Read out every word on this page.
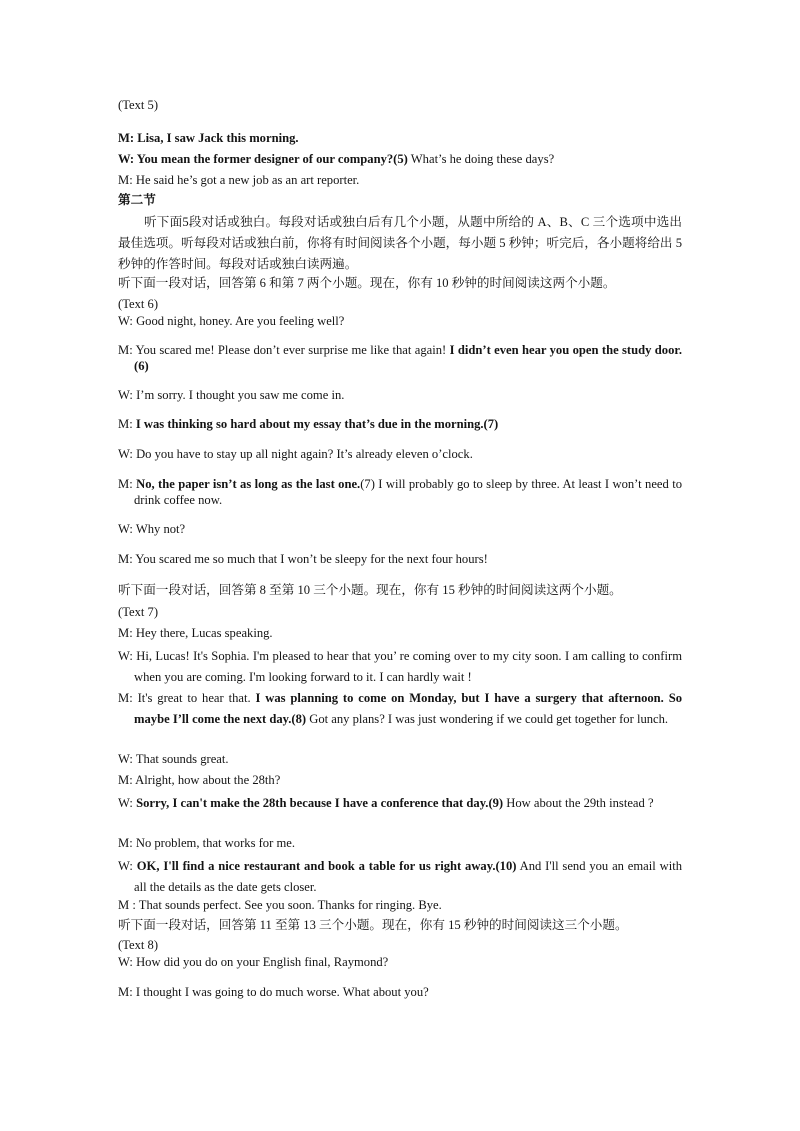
(Text 5)

M: Lisa, I saw Jack this morning.

W: You mean the former designer of our company?(5) What’s he doing these days?

M: He said he’s got a new job as an art reporter.

第二节

听下面5段对话或独白。每段对话或独白后有几个小题，从题中所给的 A、B、C 三个选项中选出最佳选项。听每段对话或独白前，你将有时间阅读各个小题，每小题 5 秒钟；听完后，各小题将给出 5 秒钟的作答时间。每段对话或独白读两遍。

听下面一段对话，回答第 6 和第 7 两个小题。现在，你有 10 秒钟的时间阅读这两个小题。

(Text 6)

W: Good night, honey. Are you feeling well?

M: You scared me! Please don’t ever surprise me like that again! I didn’t even hear you open the study door.(6)

W: I’m sorry. I thought you saw me come in.

M: I was thinking so hard about my essay that’s due in the morning.(7)

W: Do you have to stay up all night again? It’s already eleven o’clock.

M: No, the paper isn’t as long as the last one.(7) I will probably go to sleep by three. At least I won’t need to drink coffee now.

W: Why not?

M: You scared me so much that I won’t be sleepy for the next four hours!

听下面一段对话，回答第 8 至第 10 三个小题。现在，你有 15 秒钟的时间阅读这两个小题。

(Text 7)

M: Hey there, Lucas speaking.

W: Hi, Lucas! It's Sophia. I'm pleased to hear that you’ re coming over to my city soon. I am calling to confirm when you are coming. I'm looking forward to it. I can hardly wait !

M: It's great to hear that. I was planning to come on Monday, but I have a surgery that afternoon. So maybe I’ll come the next day.(8) Got any plans? I was just wondering if we could get together for lunch.

W: That sounds great.

M: Alright, how about the 28th?

W: Sorry, I can't make the 28th because I have a conference that day.(9) How about the 29th instead ?

M: No problem, that works for me.

W: OK, I'll find a nice restaurant and book a table for us right away.(10) And I'll send you an email with all the details as the date gets closer.

M : That sounds perfect. See you soon. Thanks for ringing. Bye.

听下面一段对话，回答第 11 至第 13 三个小题。现在，你有 15 秒钟的时间阅读这三个小题。

(Text 8)

W: How did you do on your English final, Raymond?

M: I thought I was going to do much worse. What about you?
